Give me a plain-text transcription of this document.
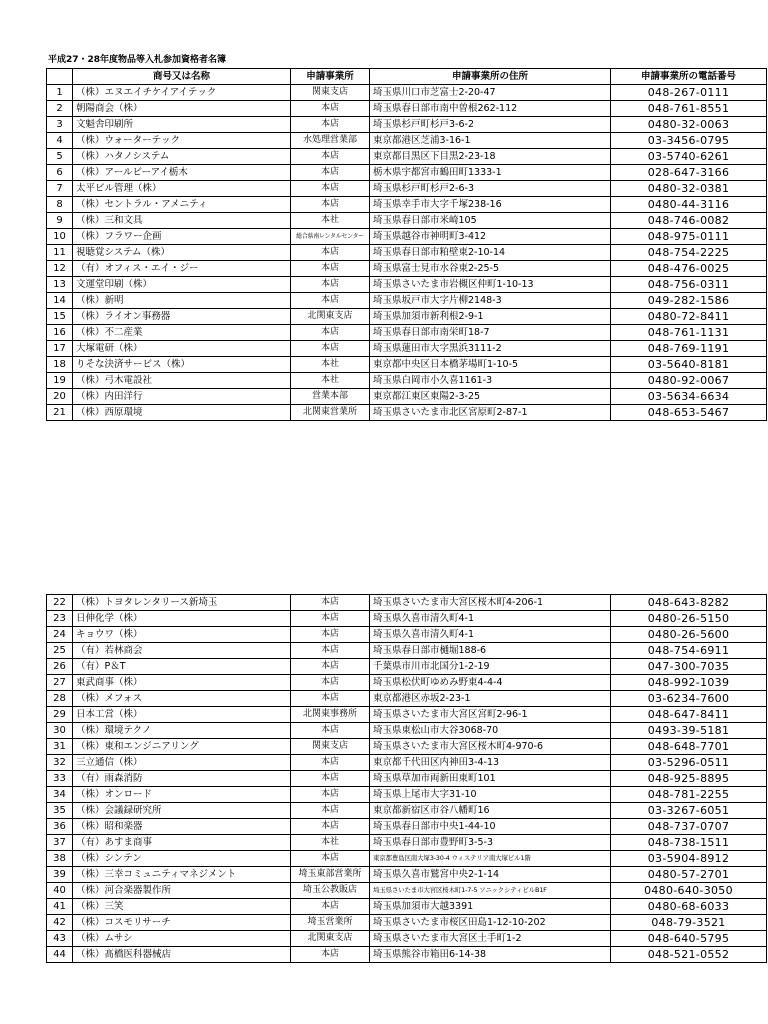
平成27・28年度物品等入札参加資格者名簿
	商号又は名称	申請事業所	申請事業所の住所	申請事業所の電話番号
1	（株）エヌエイチケイアイテック	関東支店	埼玉県川口市芝富士2-20-47	048-267-0111
2	朝陽商会（株）	本店	埼玉県春日部市南中曽根262-112	048-761-8551
3	文魁舎印刷所	本店	埼玉県杉戸町杉戸3-6-2	0480-32-0063
4	（株）ウォーターテック	水処理営業部	東京都港区芝浦3-16-1	03-3456-0795
5	（株）ハタノシステム	本店	東京都目黒区下目黒2-23-18	03-5740-6261
6	（株）アールビーアイ栃木	本店	栃木県宇都宮市鶴田町1333-1	028-647-3166
7	太平ビル管理（株）	本店	埼玉県杉戸町杉戸2-6-3	0480-32-0381
8	（株）セントラル・アメニティ	本店	埼玉県幸手市大字千塚238-16	0480-44-3116
9	（株）三和文具	本社	埼玉県春日部市米崎105	048-746-0082
10	（株）フラワー企画	総合県南レンタルセンター	埼玉県越谷市神明町3-412	048-975-0111
11	視聴覚システム（株）	本店	埼玉県春日部市粕壁東2-10-14	048-754-2225
12	（有）オフィス・エイ・ジー	本店	埼玉県富士見市水谷東2-25-5	048-476-0025
13	文運堂印刷（株）	本店	埼玉県さいたま市岩槻区仲町1-10-13	048-756-0311
14	（株）新明	本店	埼玉県坂戸市大字片柳2148-3	049-282-1586
15	（株）ライオン事務器	北関東支店	埼玉県加須市新利根2-9-1	0480-72-8411
16	（株）不二産業	本店	埼玉県春日部市南栄町18-7	048-761-1131
17	大塚電研（株）	本店	埼玉県蓮田市大字黒浜3111-2	048-769-1191
18	りそな決済サービス（株）	本社	東京都中央区日本橋茅場町1-10-5	03-5640-8181
19	（株）弓木電設社	本社	埼玉県白岡市小久喜1161-3	0480-92-0067
20	（株）内田洋行	営業本部	東京都江東区東陽2-3-25	03-5634-6634
21	（株）西原環境	北関東営業所	埼玉県さいたま市北区宮原町2-87-1	048-653-5467
22	（株）トヨタレンタリース新埼玉	本店	埼玉県さいたま市大宮区桜木町4-206-1	048-643-8282
23	日伸化学（株）	本店	埼玉県久喜市清久町4-1	0480-26-5150
24	キョウワ（株）	本店	埼玉県久喜市清久町4-1	0480-26-5600
25	（有）若林商会	本店	埼玉県春日部市樋堀188-6	048-754-6911
26	（有）P＆T	本店	千葉県市川市北国分1-2-19	047-300-7035
27	東武商事（株）	本店	埼玉県松伏町ゆめみ野東4-4-4	048-992-1039
28	（株）メフォス	本店	東京都港区赤坂2-23-1	03-6234-7600
29	日本工営（株）	北関東事務所	埼玉県さいたま市大宮区宮町2-96-1	048-647-8411
30	（株）環境テクノ	本店	埼玉県東松山市大谷3068-70	0493-39-5181
31	（株）東和エンジニアリング	関東支店	埼玉県さいたま市大宮区桜木町4-970-6	048-648-7701
32	三立通信（株）	本店	東京都千代田区内神田3-4-13	03-5296-0511
33	（有）雨森消防	本店	埼玉県草加市両新田東町101	048-925-8895
34	（株）オンロード	本店	埼玉県上尾市大字31-10	048-781-2255
35	（株）会議録研究所	本店	東京都新宿区市谷八幡町16	03-3267-6051
36	（株）昭和楽器	本店	埼玉県春日部市中央1-44-10	048-737-0707
37	（有）あすま商事	本社	埼玉県春日部市豊野町3-5-3	048-738-1511
38	（株）シンテン	本店	東京都豊島区南大塚3-30-4 ウィステリア南大塚ビル1階	03-5904-8912
39	（株）三幸コミュニティマネジメント	埼玉東部営業所	埼玉県久喜市鷲宮中央2-1-14	0480-57-2701
40	（株）河合楽器製作所	埼玉公教販店	埼玉県さいたま市大宮区桜木町1-7-5 ソニックシティビルB1F	0480-640-3050
41	（株）三笑	本店	埼玉県加須市大越3391	0480-68-6033
42	（株）コスモリサーチ	埼玉営業所	埼玉県さいたま市桜区田島1-12-10-202	048-79-3521
43	（株）ムサシ	北関東支店	埼玉県さいたま市大宮区土手町1-2	048-640-5795
44	（株）髙橋医科器械店	本店	埼玉県熊谷市箱田6-14-38	048-521-0552
